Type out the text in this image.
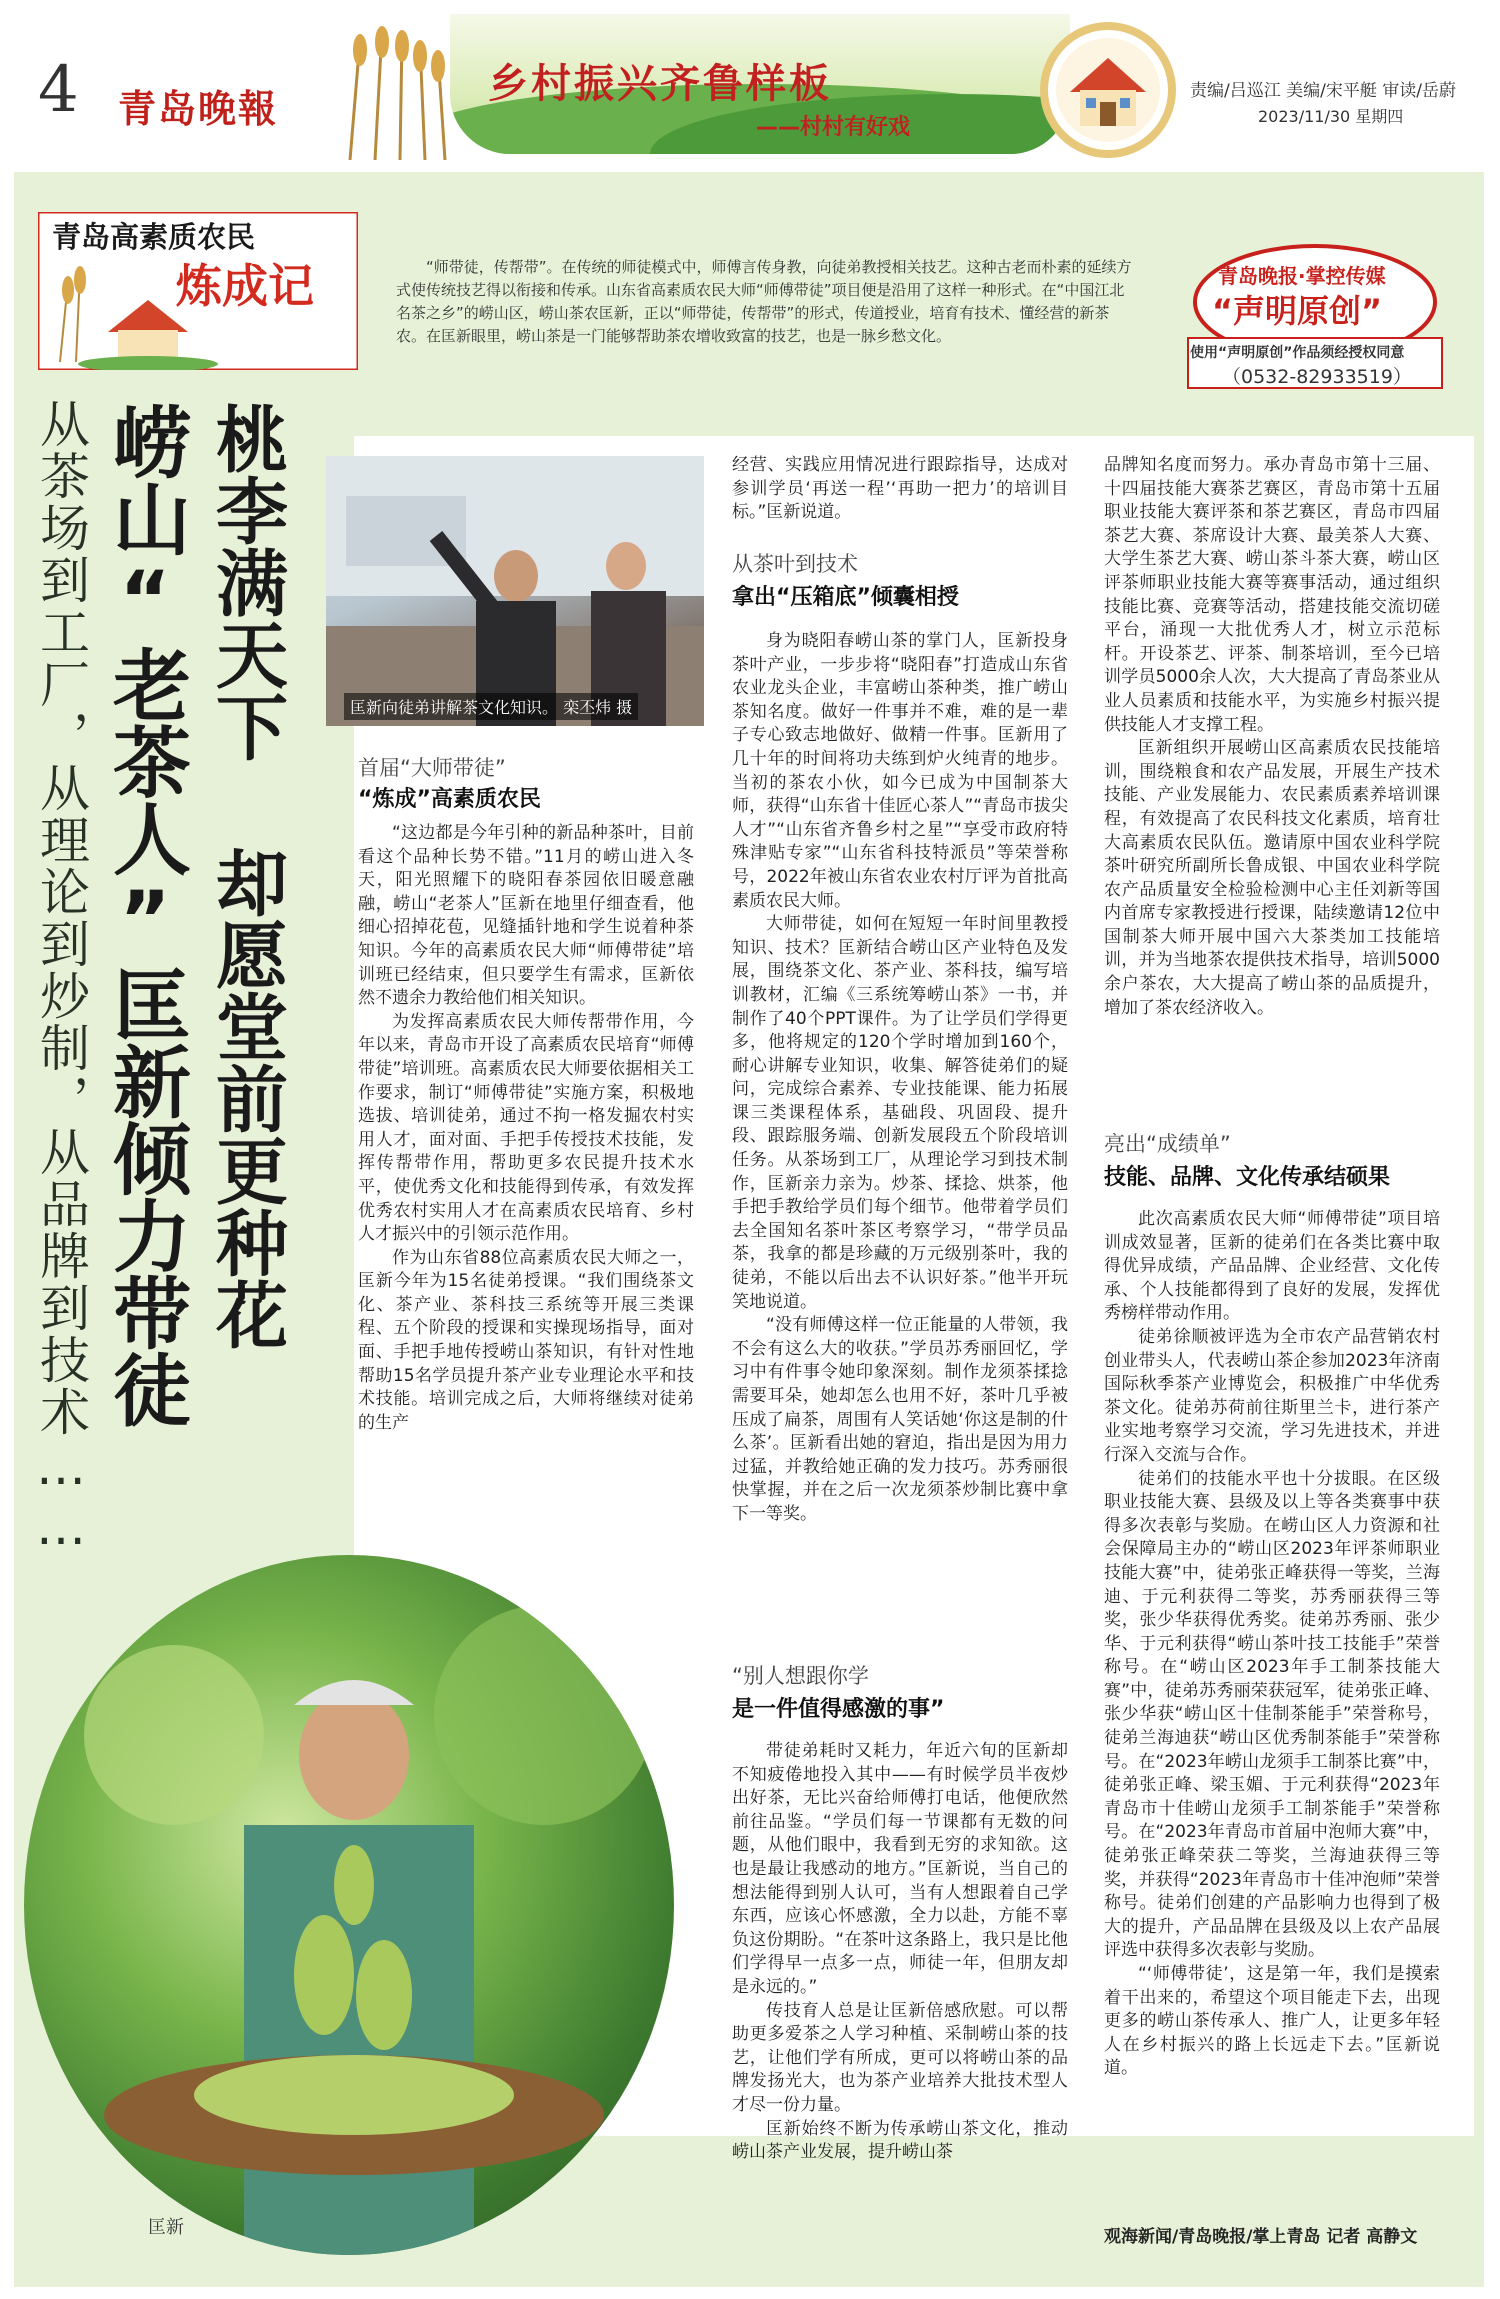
4 青岛晚報
乡村振兴齐鲁样板
——村村有好戏
责编/吕巡江 美编/宋平艇 审读/岳蔚
2023/11/30 星期四
青岛高素质农民
炼成记	“师带徒，传帮带”。在传统的师徒模式中，师傅言传身教，向徒弟教授相关技艺。这种古老而朴素的延续方式使传统技艺得以衔接和传承。山东省高素质农民大师“师傅带徒”项目便是沿用了这样一种形式。在“中国江北名茶之乡”的崂山区，崂山茶农匡新，正以“师带徒，传帮带”的形式，传道授业，培育有技术、懂经营的新茶农。在匡新眼里，崂山茶是一门能够帮助茶农增收致富的技艺，也是一脉乡愁文化。
青岛晚报·掌控传媒
“声明原创”
使用“声明原创”作品须经授权同意
（0532-82933519）
从茶场到工厂，从理论到炒制，从品牌到技术…… 崂山“老茶人”匡新倾力带徒 桃李满天下 却愿堂前更种花	匡新向徒弟讲解茶文化知识。 栾丕炜 摄
匡新
首届“大师带徒”
“炼成”高素质农民

“这边都是今年引种的新品种茶叶，目前看这个品种长势不错。”11月的崂山进入冬天，阳光照耀下的晓阳春茶园依旧暖意融融，崂山“老茶人”匡新在地里仔细查看，他细心招掉花苞，见缝插针地和学生说着种茶知识。今年的高素质农民大师“师傅带徒”培训班已经结束，但只要学生有需求，匡新依然不遗余力教给他们相关知识。

为发挥高素质农民大师传帮带作用，今年以来，青岛市开设了高素质农民培育“师傅带徒”培训班。高素质农民大师要依据相关工作要求，制订“师傅带徒”实施方案，积极地选拔、培训徒弟，通过不拘一格发掘农村实用人才，面对面、手把手传授技术技能，发挥传帮带作用，帮助更多农民提升技术水平，使优秀文化和技能得到传承，有效发挥优秀农村实用人才在高素质农民培育、乡村人才振兴中的引领示范作用。

作为山东省88位高素质农民大师之一，匡新今年为15名徒弟授课。“我们围绕茶文化、茶产业、茶科技三系统等开展三类课程、五个阶段的授课和实操现场指导，面对面、手把手地传授崂山茶知识，有针对性地帮助15名学员提升茶产业专业理论水平和技术技能。培训完成之后，大师将继续对徒弟的生产

经营、实践应用情况进行跟踪指导，达成对参训学员‘再送一程’‘再助一把力’的培训目标。”匡新说道。

从茶叶到技术
拿出“压箱底”倾囊相授

身为晓阳春崂山茶的掌门人，匡新投身茶叶产业，一步步将“晓阳春”打造成山东省农业龙头企业，丰富崂山茶种类，推广崂山茶知名度。做好一件事并不难，难的是一辈子专心致志地做好、做精一件事。匡新用了几十年的时间将功夫练到炉火纯青的地步。当初的茶农小伙，如今已成为中国制茶大师，获得“山东省十佳匠心茶人”“青岛市拔尖人才”“山东省齐鲁乡村之星”“享受市政府特殊津贴专家”“山东省科技特派员”等荣誉称号，2022年被山东省农业农村厅评为首批高素质农民大师。

大师带徒，如何在短短一年时间里教授知识、技术？匡新结合崂山区产业特色及发展，围绕茶文化、茶产业、茶科技，编写培训教材，汇编《三系统筹崂山茶》一书，并制作了40个PPT课件。为了让学员们学得更多，他将规定的120个学时增加到160个，耐心讲解专业知识，收集、解答徒弟们的疑问，完成综合素养、专业技能课、能力拓展课三类课程体系，基础段、巩固段、提升段、跟踪服务端、创新发展段五个阶段培训任务。从茶场到工厂，从理论学习到技术制作，匡新亲力亲为。炒茶、揉捻、烘茶，他手把手教给学员们每个细节。他带着学员们去全国知名茶叶茶区考察学习，“带学员品茶，我拿的都是珍藏的万元级别茶叶，我的徒弟，不能以后出去不认识好茶。”他半开玩笑地说道。

“没有师傅这样一位正能量的人带领，我不会有这么大的收获。”学员苏秀丽回忆，学习中有件事令她印象深刻。制作龙须茶揉捻需要耳朵，她却怎么也用不好，茶叶几乎被压成了扁茶，周围有人笑话她‘你这是制的什么茶’。匡新看出她的窘迫，指出是因为用力过猛，并教给她正确的发力技巧。苏秀丽很快掌握，并在之后一次龙须茶炒制比赛中拿下一等奖。

“别人想跟你学
是一件值得感激的事”

带徒弟耗时又耗力，年近六旬的匡新却不知疲倦地投入其中——有时候学员半夜炒出好茶，无比兴奋给师傅打电话，他便欣然前往品鉴。“学员们每一节课都有无数的问题，从他们眼中，我看到无穷的求知欲。这也是最让我感动的地方。”匡新说，当自己的想法能得到别人认可，当有人想跟着自己学东西，应该心怀感激，全力以赴，方能不辜负这份期盼。“在茶叶这条路上，我只是比他们学得早一点多一点，师徒一年，但朋友却是永远的。”

传技育人总是让匡新倍感欣慰。可以帮助更多爱茶之人学习种植、采制崂山茶的技艺，让他们学有所成，更可以将崂山茶的品牌发扬光大，也为茶产业培养大批技术型人才尽一份力量。

匡新始终不断为传承崂山茶文化，推动崂山茶产业发展，提升崂山茶

品牌知名度而努力。承办青岛市第十三届、十四届技能大赛茶艺赛区，青岛市第十五届职业技能大赛评茶和茶艺赛区，青岛市四届茶艺大赛、茶席设计大赛、最美茶人大赛、大学生茶艺大赛、崂山茶斗茶大赛，崂山区评茶师职业技能大赛等赛事活动，通过组织技能比赛、竞赛等活动，搭建技能交流切磋平台，涌现一大批优秀人才，树立示范标杆。开设茶艺、评茶、制茶培训，至今已培训学员5000余人次，大大提高了青岛茶业从业人员素质和技能水平，为实施乡村振兴提供技能人才支撑工程。

匡新组织开展崂山区高素质农民技能培训，围绕粮食和农产品发展，开展生产技术技能、产业发展能力、农民素质素养培训课程，有效提高了农民科技文化素质，培育壮大高素质农民队伍。邀请原中国农业科学院茶叶研究所副所长鲁成银、中国农业科学院农产品质量安全检验检测中心主任刘新等国内首席专家教授进行授课，陆续邀请12位中国制茶大师开展中国六大茶类加工技能培训，并为当地茶农提供技术指导，培训5000余户茶农，大大提高了崂山茶的品质提升，增加了茶农经济收入。

亮出“成绩单”
技能、品牌、文化传承结硕果

此次高素质农民大师“师傅带徒”项目培训成效显著，匡新的徒弟们在各类比赛中取得优异成绩，产品品牌、企业经营、文化传承、个人技能都得到了良好的发展，发挥优秀榜样带动作用。

徒弟徐顺被评选为全市农产品营销农村创业带头人，代表崂山茶企参加2023年济南国际秋季茶产业博览会，积极推广中华优秀茶文化。徒弟苏荷前往斯里兰卡，进行茶产业实地考察学习交流，学习先进技术，并进行深入交流与合作。

徒弟们的技能水平也十分拔眼。在区级职业技能大赛、县级及以上等各类赛事中获得多次表彰与奖励。在崂山区人力资源和社会保障局主办的“崂山区2023年评茶师职业技能大赛”中，徒弟张正峰获得一等奖，兰海迪、于元利获得二等奖，苏秀丽获得三等奖，张少华获得优秀奖。徒弟苏秀丽、张少华、于元利获得“崂山茶叶技工技能手”荣誉称号。在“崂山区2023年手工制茶技能大赛”中，徒弟苏秀丽荣获冠军，徒弟张正峰、张少华获“崂山区十佳制茶能手”荣誉称号，徒弟兰海迪获“崂山区优秀制茶能手”荣誉称号。在“2023年崂山龙须手工制茶比赛”中，徒弟张正峰、梁玉媚、于元利获得“2023年青岛市十佳崂山龙须手工制茶能手”荣誉称号。在“2023年青岛市首届中泡师大赛”中，徒弟张正峰荣获二等奖，兰海迪获得三等奖，并获得“2023年青岛市十佳冲泡师”荣誉称号。徒弟们创建的产品影响力也得到了极大的提升，产品品牌在县级及以上农产品展评选中获得多次表彰与奖励。

“‘师傅带徒’，这是第一年，我们是摸索着干出来的，希望这个项目能走下去，出现更多的崂山茶传承人、推广人，让更多年轻人在乡村振兴的路上长远走下去。”匡新说道。

观海新闻/青岛晚报/掌上青岛 记者 高静文
